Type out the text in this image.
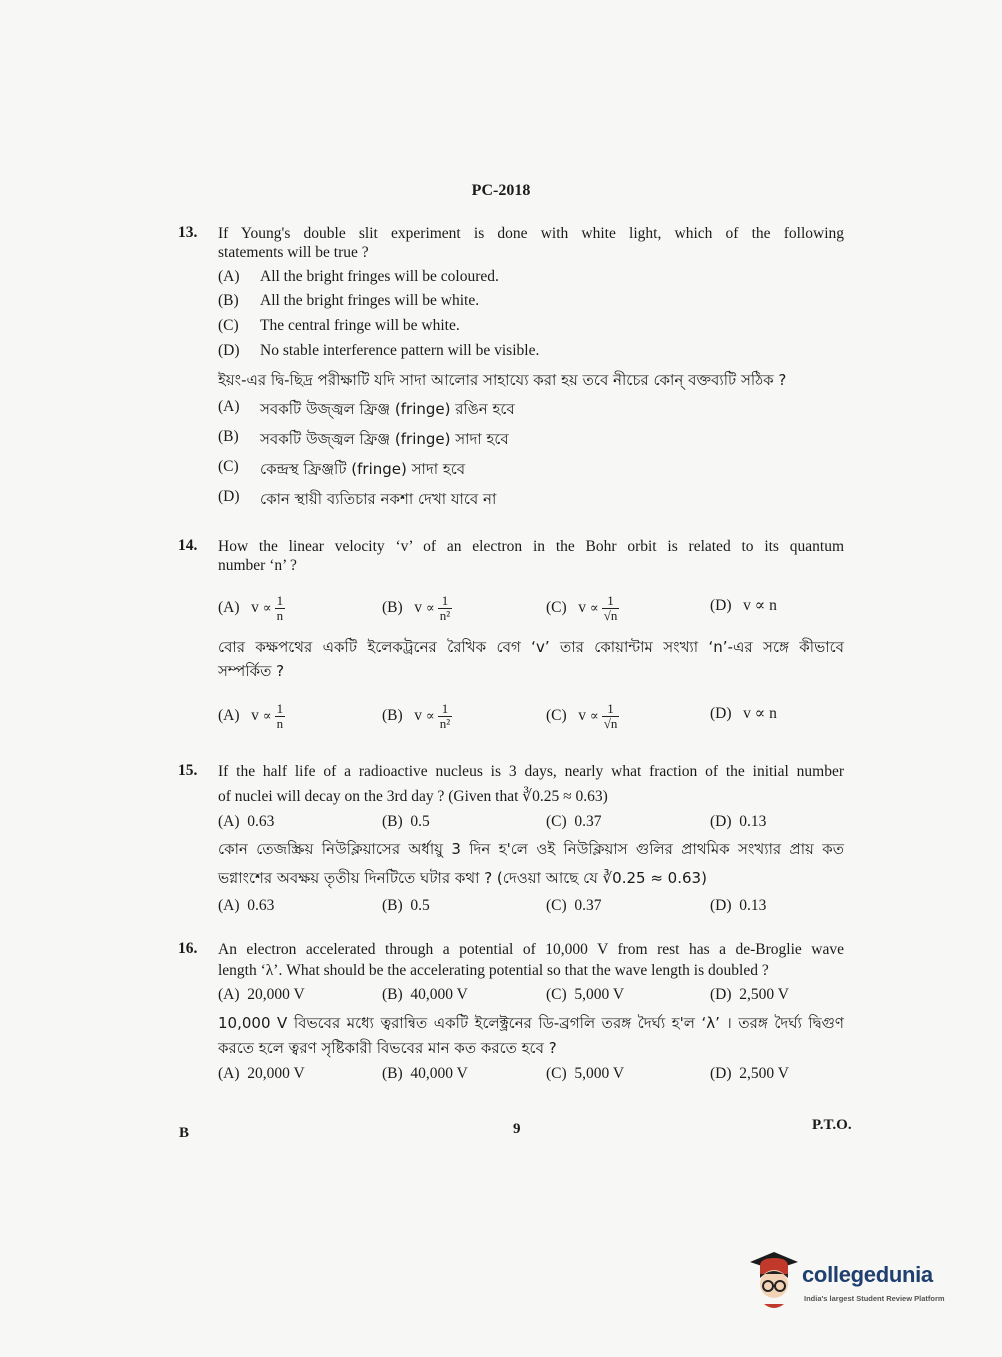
PC-2018
13. If Young's double slit experiment is done with white light, which of the following
statements will be true ?
(A) All the bright fringes will be coloured.
(B) All the bright fringes will be white.
(C) The central fringe will be white.
(D) No stable interference pattern will be visible.
ইয়ং-এর দ্বি-ছিদ্র পরীক্ষাটি যদি সাদা আলোর সাহায্যে করা হয় তবে নীচের কোন্ বক্তব্যটি সঠিক ?
(A) সবকটি উজ্জ্বল ফ্রিঞ্জ (fringe) রঙিন হবে
(B) সবকটি উজ্জ্বল ফ্রিঞ্জ (fringe) সাদা হবে
(C) কেন্দ্রস্থ ফ্রিঞ্জটি (fringe) সাদা হবে
(D) কোন স্থায়ী ব্যতিচার নকশা দেখা যাবে না
14. How the linear velocity ‘v’ of an electron in the Bohr orbit is related to its quantum
number ‘n’ ?
(A) $v \propto \frac{1}{n}$	(B) $v \propto \frac{1}{\text{n²}}$	(C) $v \propto \frac{1}{√n}$	(D) v ∝ n
বোর কক্ষপথের একটি ইলেকট্রনের রৈখিক বেগ ‘v’ তার কোয়ান্টাম সংখ্যা ‘n’-এর সঙ্গে কীভাবে
সম্পর্কিত ?
(A) $v \propto \frac{1}{n}$	(B) $v \propto \frac{1}{\text{n²}}$	(C) $v \propto \frac{1}{√n}$	(D) v ∝ n
15. If the half life of a radioactive nucleus is 3 days, nearly what fraction of the initial number
of nuclei will decay on the 3rd day ? (Given that ∛0.25 ≈ 0.63)
(A) 0.63	(B) 0.5	(C) 0.37	(D) 0.13
কোন তেজস্ক্রিয় নিউক্লিয়াসের অর্ধায়ু 3 দিন হ'লে ওই নিউক্লিয়াস গুলির প্রাথমিক সংখ্যার প্রায় কত
ভগ্নাংশের অবক্ষয় তৃতীয় দিনটিতে ঘটার কথা ? (দেওয়া আছে যে ∛0.25 ≈ 0.63)
(A) 0.63	(B) 0.5	(C) 0.37	(D) 0.13
16. An electron accelerated through a potential of 10,000 V from rest has a de-Broglie wave
length ‘λ’. What should be the accelerating potential so that the wave length is doubled ?
(A) 20,000 V	(B) 40,000 V	(C) 5,000 V	(D) 2,500 V
10,000 V বিভবের মধ্যে ত্বরান্বিত একটি ইলেক্ট্রনের ডি-ব্রগলি তরঙ্গ দৈর্ঘ্য হ'ল ‘λ’ । তরঙ্গ দৈর্ঘ্য দ্বিগুণ
করতে হলে ত্বরণ সৃষ্টিকারী বিভবের মান কত করতে হবে ?
(A) 20,000 V	(B) 40,000 V	(C) 5,000 V	(D) 2,500 V
B	9	P.T.O.
collegedunia
India's largest Student Review Platform
